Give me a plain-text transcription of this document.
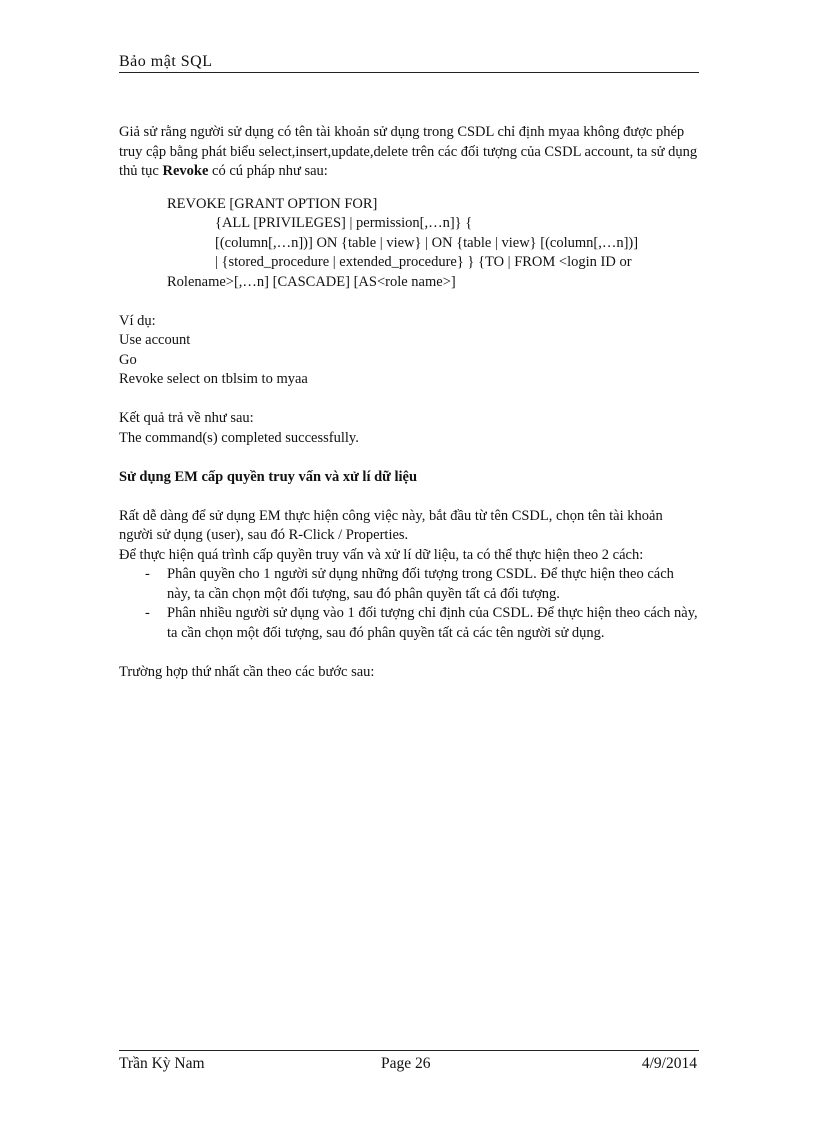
Bảo mật SQL

Giả sử rằng người sử dụng có tên tài khoản sử dụng trong CSDL chỉ định myaa không được phép truy cập bằng phát biểu select,insert,update,delete trên các đối tượng của CSDL account, ta sử dụng thủ tục Revoke có cú pháp như sau:

REVOKE [GRANT OPTION FOR]
{ALL [PRIVILEGES] | permission[,…n]} {
[(column[,…n])] ON {table | view} | ON {table | view} [(column[,…n])]
| {stored_procedure | extended_procedure} } {TO | FROM <login ID or
Rolename>[,…n] [CASCADE] [AS<role name>]
Ví dụ:
Use account
Go
Revoke select on tblsim to myaa
Kết quả trả về như sau:
The command(s) completed successfully.
Sử dụng EM cấp quyền truy vấn và xử lí dữ liệu

Rất dễ dàng để sử dụng EM thực hiện công việc này, bắt đầu từ tên CSDL, chọn tên tài khoản người sử dụng (user), sau đó R-Click / Properties.

Để thực hiện quá trình cấp quyền truy vấn và xử lí dữ liệu, ta có thể thực hiện theo 2 cách:

- Phân quyền cho 1 người sử dụng những đối tượng trong CSDL. Để thực hiện theo cách này, ta cần chọn một đối tượng, sau đó phân quyền tất cả đối tượng.
- Phân nhiều người sử dụng vào 1 đối tượng chỉ định của CSDL. Để thực hiện theo cách này, ta cần chọn một đối tượng, sau đó phân quyền tất cả các tên người sử dụng.

Trường hợp thứ nhất cần theo các bước sau:

Trần Kỳ Nam	Page 26	4/9/2014
